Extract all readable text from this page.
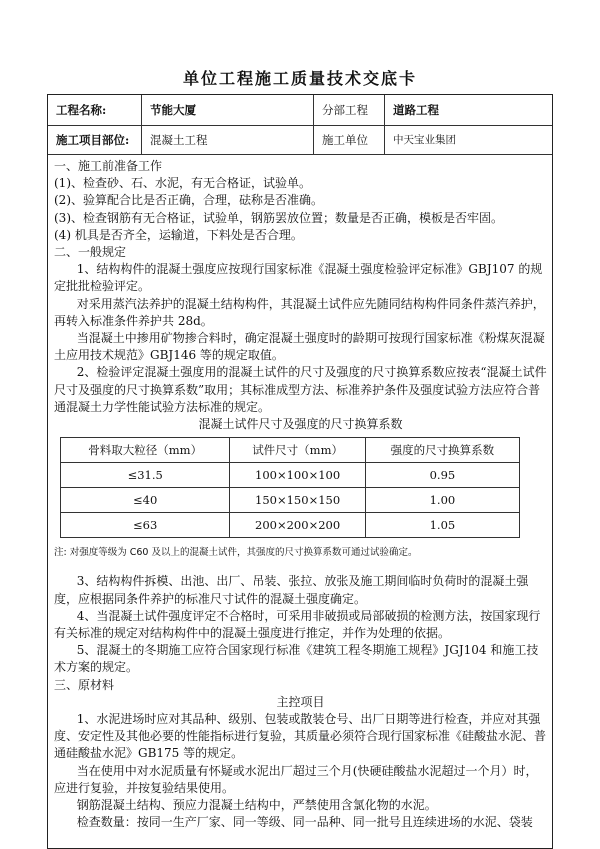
单位工程施工质量技术交底卡
工程名称:	节能大厦	分部工程	道路工程
施工项目部位:	混凝土工程	施工单位	中天宝业集团

一、施工前准备工作

(1)、检查砂、石、水泥，有无合格证，试验单。

(2)、验算配合比是否正确，合理，砝称是否准确。

(3)、检查钢筋有无合格证，试验单，钢筋罢放位置；数量是否正确，模板是否牢固。

(4) 机具是否齐全，运输道，下料处是否合理。

二、一般规定

1、结构构件的混凝土强度应按现行国家标准《混凝土强度检验评定标准》GBJ107 的规定批批检验评定。

对采用蒸汽法养护的混凝土结构构件，其混凝土试件应先随同结构构件同条件蒸汽养护，再转入标准条件养护共 28d。

当混凝土中掺用矿物掺合料时，确定混凝土强度时的龄期可按现行国家标准《粉煤灰混凝土应用技术规范》GBJ146 等的规定取值。

2、检验评定混凝土强度用的混凝土试件的尺寸及强度的尺寸换算系数应按表“混凝土试件尺寸及强度的尺寸换算系数”取用；其标准成型方法、标准养护条件及强度试验方法应符合普通混凝土力学性能试验方法标准的规定。

混凝土试件尺寸及强度的尺寸换算系数

骨料取大粒径（mm）	试件尺寸（mm）	强度的尺寸换算系数
≤31.5	100×100×100	0.95
≤40	150×150×150	1.00
≤63	200×200×200	1.05

注: 对强度等级为 C60 及以上的混凝土试件，其强度的尺寸换算系数可通过试验确定。

3、结构构件拆模、出池、出厂、吊装、张拉、放张及施工期间临时负荷时的混凝土强度，应根据同条件养护的标准尺寸试件的混凝土强度确定。

4、当混凝土试件强度评定不合格时，可采用非破损或局部破损的检测方法，按国家现行有关标准的规定对结构构件中的混凝土强度进行推定，并作为处理的依据。

5、混凝土的冬期施工应符合国家现行标准《建筑工程冬期施工规程》JGJ104 和施工技术方案的规定。

三、原材料

主控项目

1、水泥进场时应对其品种、级别、包装或散装仓号、出厂日期等进行检查，并应对其强度、安定性及其他必要的性能指标进行复验，其质量必须符合现行国家标准《硅酸盐水泥、普通硅酸盐水泥》GB175 等的规定。

当在使用中对水泥质量有怀疑或水泥出厂超过三个月(快硬硅酸盐水泥超过一个月）时，应进行复验，并按复验结果使用。

钢筋混凝土结构、预应力混凝土结构中，严禁使用含氯化物的水泥。

检查数量：按同一生产厂家、同一等级、同一品种、同一批号且连续进场的水泥、袋装
